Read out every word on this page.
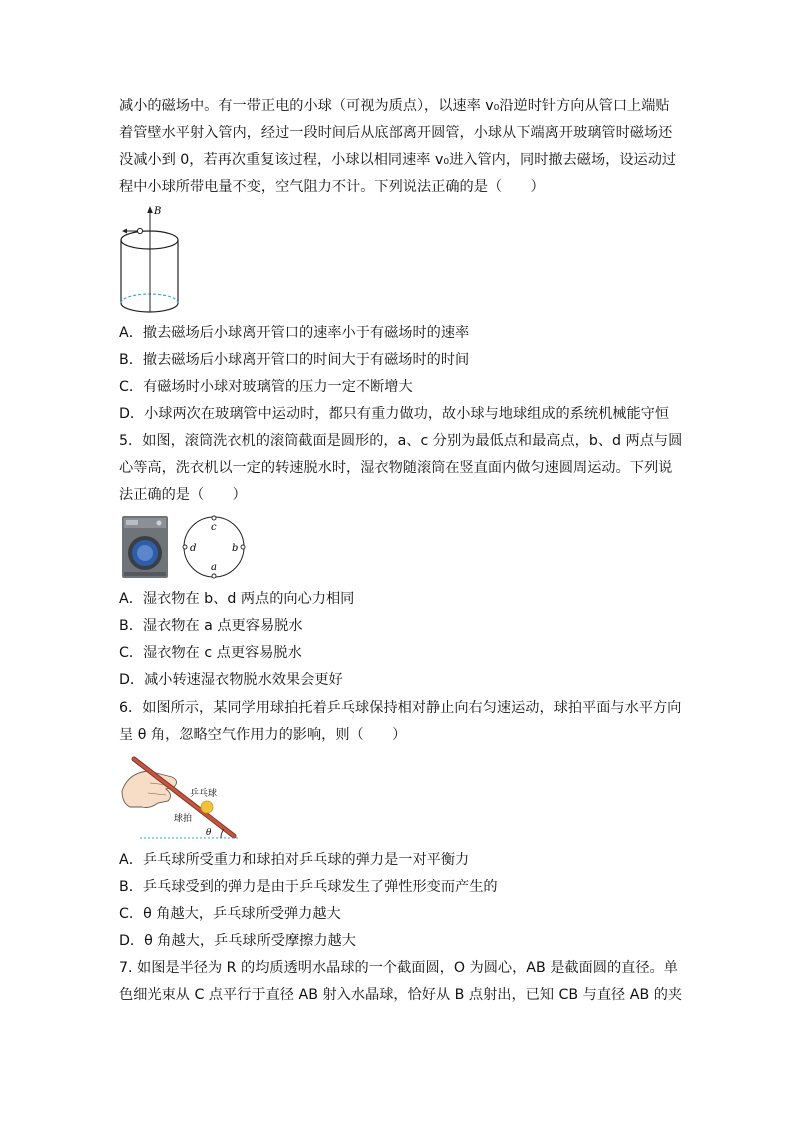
减小的磁场中。有一带正电的小球（可视为质点），以速率 v₀沿逆时针方向从管口上端贴
着管壁水平射入管内，经过一段时间后从底部离开圆管，小球从下端离开玻璃管时磁场还
没减小到 0，若再次重复该过程，小球以相同速率 v₀进入管内，同时撤去磁场，设运动过
程中小球所带电量不变，空气阻力不计。下列说法正确的是（　　）
B
A．撤去磁场后小球离开管口的速率小于有磁场时的速率
B．撤去磁场后小球离开管口的时间大于有磁场时的时间
C．有磁场时小球对玻璃管的压力一定不断增大
D．小球两次在玻璃管中运动时，都只有重力做功，故小球与地球组成的系统机械能守恒
5．如图，滚筒洗衣机的滚筒截面是圆形的，a、c 分别为最低点和最高点，b、d 两点与圆
心等高，洗衣机以一定的转速脱水时，湿衣物随滚筒在竖直面内做匀速圆周运动。下列说
法正确的是（　　）
c
a
d	b
A．湿衣物在 b、d 两点的向心力相同
B．湿衣物在 a 点更容易脱水
C．湿衣物在 c 点更容易脱水
D．减小转速湿衣物脱水效果会更好
6．如图所示，某同学用球拍托着乒乓球保持相对静止向右匀速运动，球拍平面与水平方向
呈 θ 角，忽略空气作用力的影响，则（　　）
乒乓球
球拍
θ
A．乒乓球所受重力和球拍对乒乓球的弹力是一对平衡力
B．乒乓球受到的弹力是由于乒乓球发生了弹性形变而产生的
C．θ 角越大，乒乓球所受弹力越大
D．θ 角越大，乒乓球所受摩擦力越大
7. 如图是半径为 R 的均质透明水晶球的一个截面圆，O 为圆心，AB 是截面圆的直径。单
色细光束从 C 点平行于直径 AB 射入水晶球，恰好从 B 点射出，已知 CB 与直径 AB 的夹
